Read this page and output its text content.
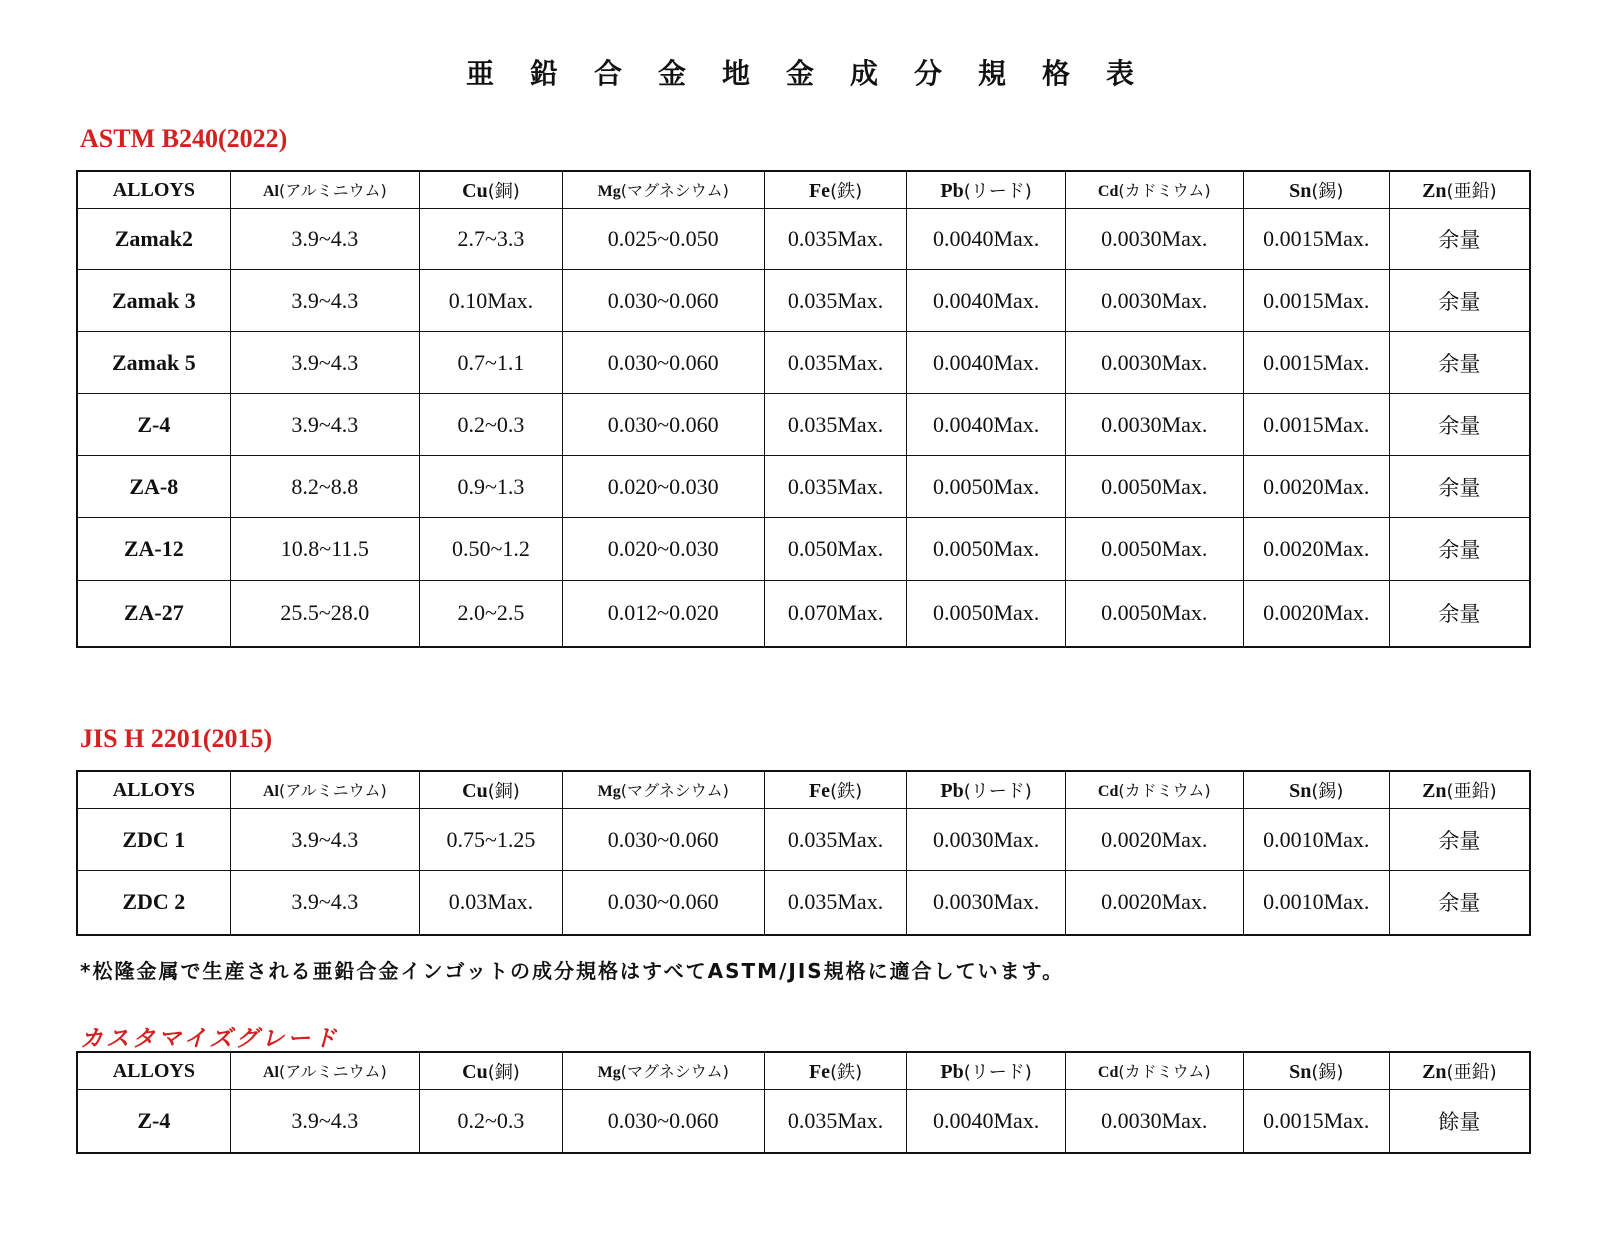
亜鉛合金地金成分規格表
ASTM B240(2022)
ALLOYS	Al(アルミニウム)	Cu(銅)	Mg(マグネシウム)	Fe(鉄)	Pb(リード)	Cd(カドミウム)	Sn(錫)	Zn(亜鉛)
Zamak2	3.9~4.3	2.7~3.3	0.025~0.050	0.035Max.	0.0040Max.	0.0030Max.	0.0015Max.	余量
Zamak 3	3.9~4.3	0.10Max.	0.030~0.060	0.035Max.	0.0040Max.	0.0030Max.	0.0015Max.	余量
Zamak 5	3.9~4.3	0.7~1.1	0.030~0.060	0.035Max.	0.0040Max.	0.0030Max.	0.0015Max.	余量
Z-4	3.9~4.3	0.2~0.3	0.030~0.060	0.035Max.	0.0040Max.	0.0030Max.	0.0015Max.	余量
ZA-8	8.2~8.8	0.9~1.3	0.020~0.030	0.035Max.	0.0050Max.	0.0050Max.	0.0020Max.	余量
ZA-12	10.8~11.5	0.50~1.2	0.020~0.030	0.050Max.	0.0050Max.	0.0050Max.	0.0020Max.	余量
ZA-27	25.5~28.0	2.0~2.5	0.012~0.020	0.070Max.	0.0050Max.	0.0050Max.	0.0020Max.	余量
JIS H 2201(2015)
ALLOYS	Al(アルミニウム)	Cu(銅)	Mg(マグネシウム)	Fe(鉄)	Pb(リード)	Cd(カドミウム)	Sn(錫)	Zn(亜鉛)
ZDC 1	3.9~4.3	0.75~1.25	0.030~0.060	0.035Max.	0.0030Max.	0.0020Max.	0.0010Max.	余量
ZDC 2	3.9~4.3	0.03Max.	0.030~0.060	0.035Max.	0.0030Max.	0.0020Max.	0.0010Max.	余量
*松隆金属で生産される亜鉛合金インゴットの成分規格はすべてASTM/JIS規格に適合しています。
カスタマイズグレード
ALLOYS	Al(アルミニウム)	Cu(銅)	Mg(マグネシウム)	Fe(鉄)	Pb(リード)	Cd(カドミウム)	Sn(錫)	Zn(亜鉛)
Z-4	3.9~4.3	0.2~0.3	0.030~0.060	0.035Max.	0.0040Max.	0.0030Max.	0.0015Max.	餘量
